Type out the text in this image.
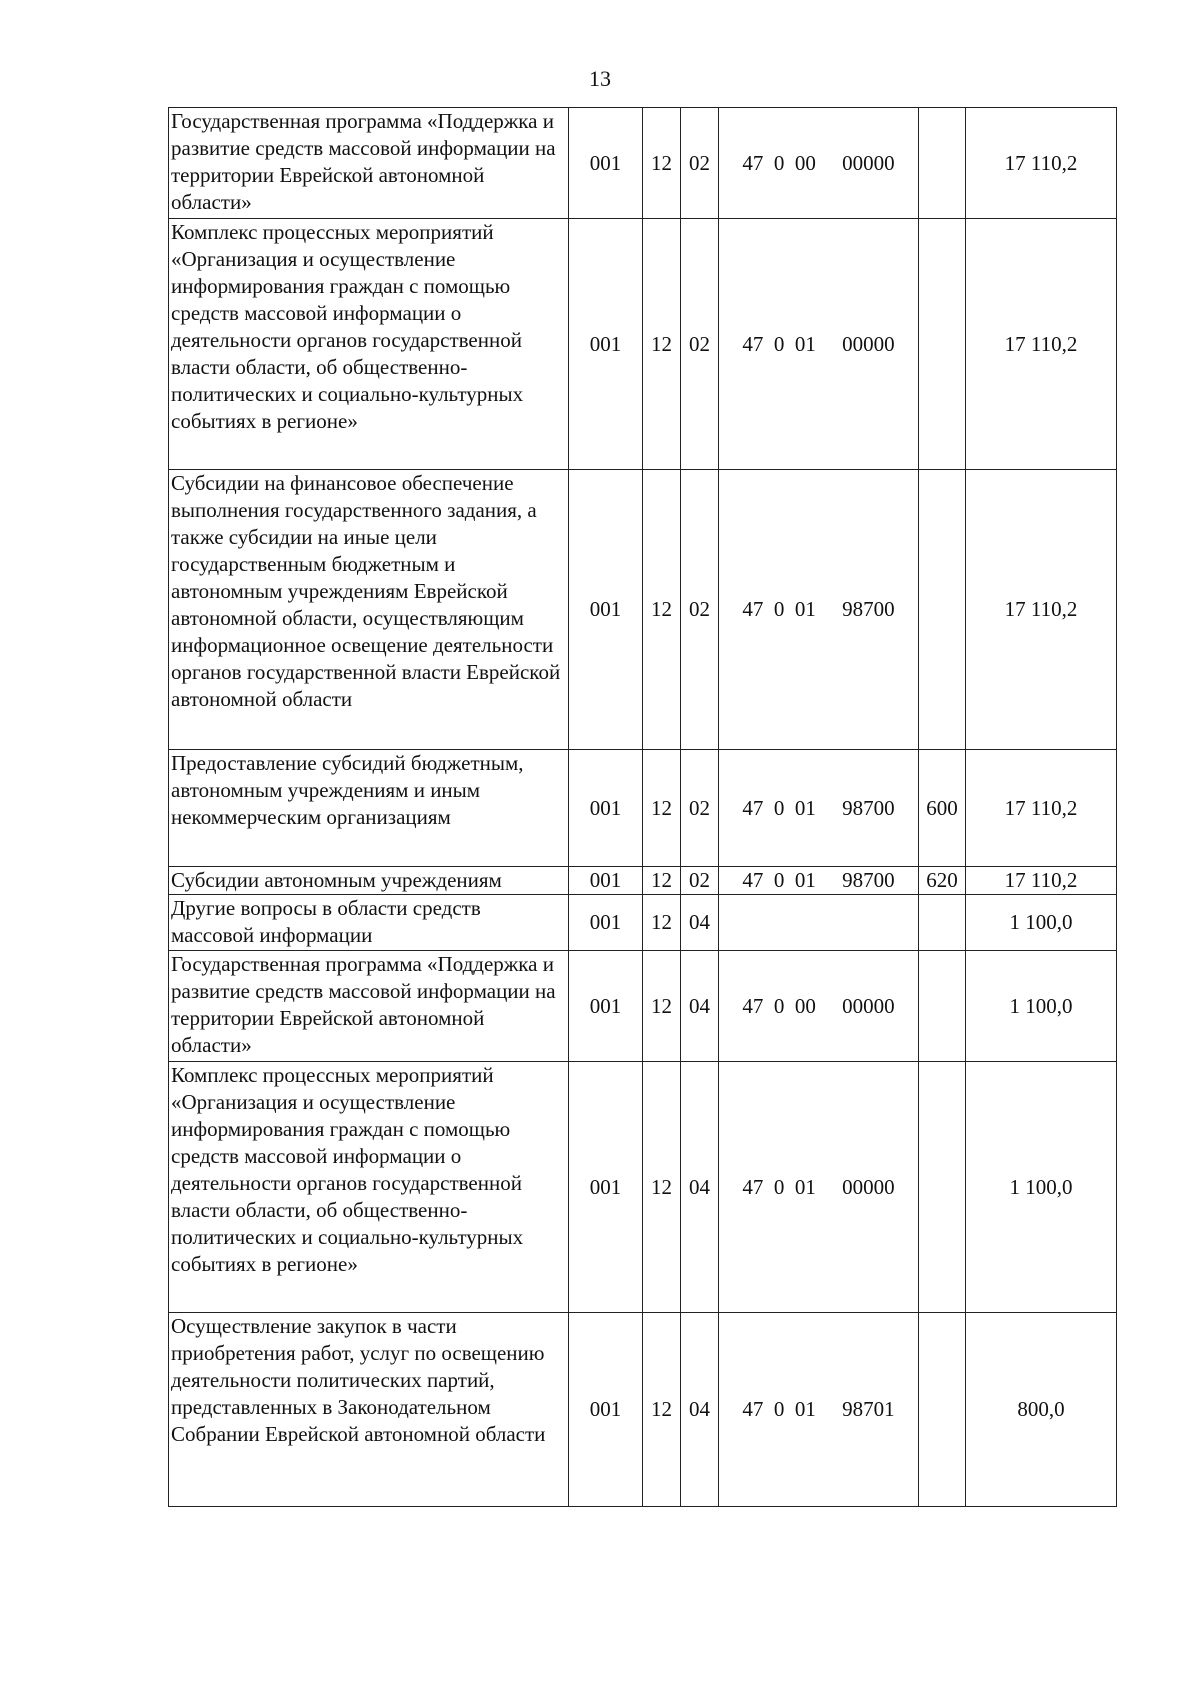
13
Государственная программа «Поддержка и развитие средств массовой информации на территории Еврейской автономной области»	001	12	02	47  0  00     00000		17 110,2
Комплекс процессных мероприятий «Организация и осуществление информирования граждан с помощью средств массовой информации о деятельности органов государственной власти области, об общественно-политических и социально-культурных событиях в регионе»	001	12	02	47  0  01     00000		17 110,2
Субсидии на финансовое обеспечение выполнения государственного задания, а также субсидии на иные цели государственным бюджетным и автономным учреждениям Еврейской автономной области, осуществляющим информационное освещение деятельности органов государственной власти Еврейской автономной области	001	12	02	47  0  01     98700		17 110,2
Предоставление субсидий бюджетным, автономным учреждениям и иным некоммерческим организациям	001	12	02	47  0  01     98700	600	17 110,2
Субсидии автономным учреждениям	001	12	02	47  0  01     98700	620	17 110,2
Другие вопросы в области средств массовой информации	001	12	04			1 100,0
Государственная программа «Поддержка и развитие средств массовой информации на территории Еврейской автономной области»	001	12	04	47  0  00     00000		1 100,0
Комплекс процессных мероприятий «Организация и осуществление информирования граждан с помощью средств массовой информации о деятельности органов государственной власти области, об общественно-политических и социально-культурных событиях в регионе»	001	12	04	47  0  01     00000		1 100,0
Осуществление закупок в части приобретения работ, услуг по освещению деятельности политических партий, представленных в Законодательном Собрании Еврейской автономной области	001	12	04	47  0  01     98701		800,0
